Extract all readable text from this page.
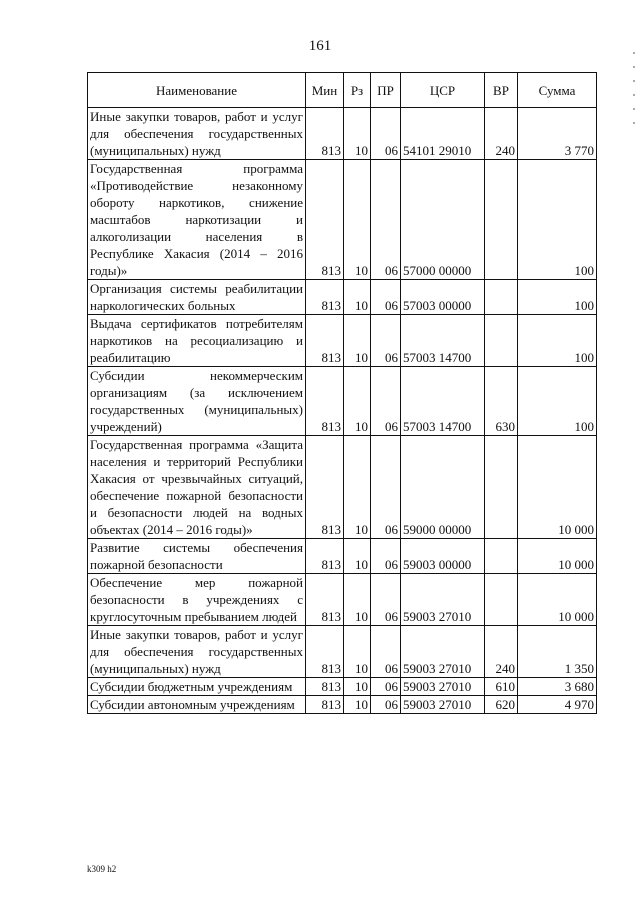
161
Наименование	Мин	Рз	ПР	ЦСР	ВР	Сумма
Иные закупки товаров, работ и услуг для обеспечения государственных (муниципальных) нужд	813	10	06	54101 29010	240	3 770
Государственная программа «Противодействие незаконному обороту наркотиков, снижение масштабов наркотизации и алкоголизации населения в Республике Хакасия (2014 – 2016 годы)»	813	10	06	57000 00000		100
Организация системы реабилитации наркологических больных	813	10	06	57003 00000		100
Выдача сертификатов потребителям наркотиков на ресоциализацию и реабилитацию	813	10	06	57003 14700		100
Субсидии некоммерческим организациям (за исключением государственных (муниципальных) учреждений)	813	10	06	57003 14700	630	100
Государственная программа «Защита населения и территорий Республики Хакасия от чрезвычайных ситуаций, обеспечение пожарной безопасности и безопасности людей на водных объектах (2014 – 2016 годы)»	813	10	06	59000 00000		10 000
Развитие системы обеспечения пожарной безопасности	813	10	06	59003 00000		10 000
Обеспечение мер пожарной безопасности в учреждениях с круглосуточным пребыванием людей	813	10	06	59003 27010		10 000
Иные закупки товаров, работ и услуг для обеспечения государственных (муниципальных) нужд	813	10	06	59003 27010	240	1 350
Субсидии бюджетным учреждениям	813	10	06	59003 27010	610	3 680
Субсидии автономным учреждениям	813	10	06	59003 27010	620	4 970
k309 h2
